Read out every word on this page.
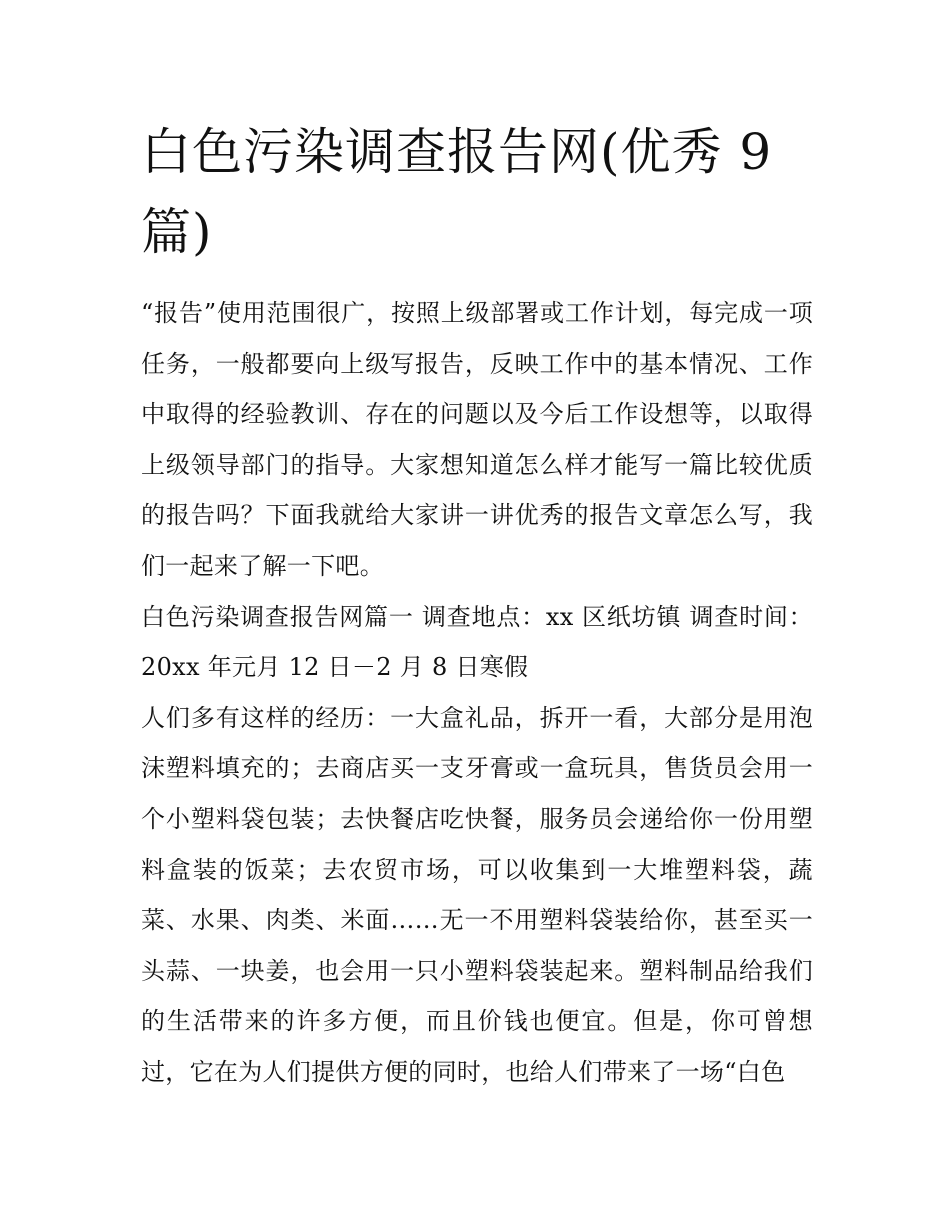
白色污染调查报告网(优秀 9 篇)

“报告”使用范围很广，按照上级部署或工作计划，每完成一项任务，一般都要向上级写报告，反映工作中的基本情况、工作中取得的经验教训、存在的问题以及今后工作设想等，以取得上级领导部门的指导。大家想知道怎么样才能写一篇比较优质的报告吗？下面我就给大家讲一讲优秀的报告文章怎么写，我们一起来了解一下吧。

白色污染调查报告网篇一 调查地点：xx 区纸坊镇 调查时间：20xx 年元月 12 日－2 月 8 日寒假

人们多有这样的经历：一大盒礼品，拆开一看，大部分是用泡沫塑料填充的；去商店买一支牙膏或一盒玩具，售货员会用一个小塑料袋包装；去快餐店吃快餐，服务员会递给你一份用塑料盒装的饭菜；去农贸市场，可以收集到一大堆塑料袋，蔬菜、水果、肉类、米面……无一不用塑料袋装给你，甚至买一头蒜、一块姜，也会用一只小塑料袋装起来。塑料制品给我们的生活带来的许多方便，而且价钱也便宜。但是，你可曾想过，它在为人们提供方便的同时，也给人们带来了一场“白色
